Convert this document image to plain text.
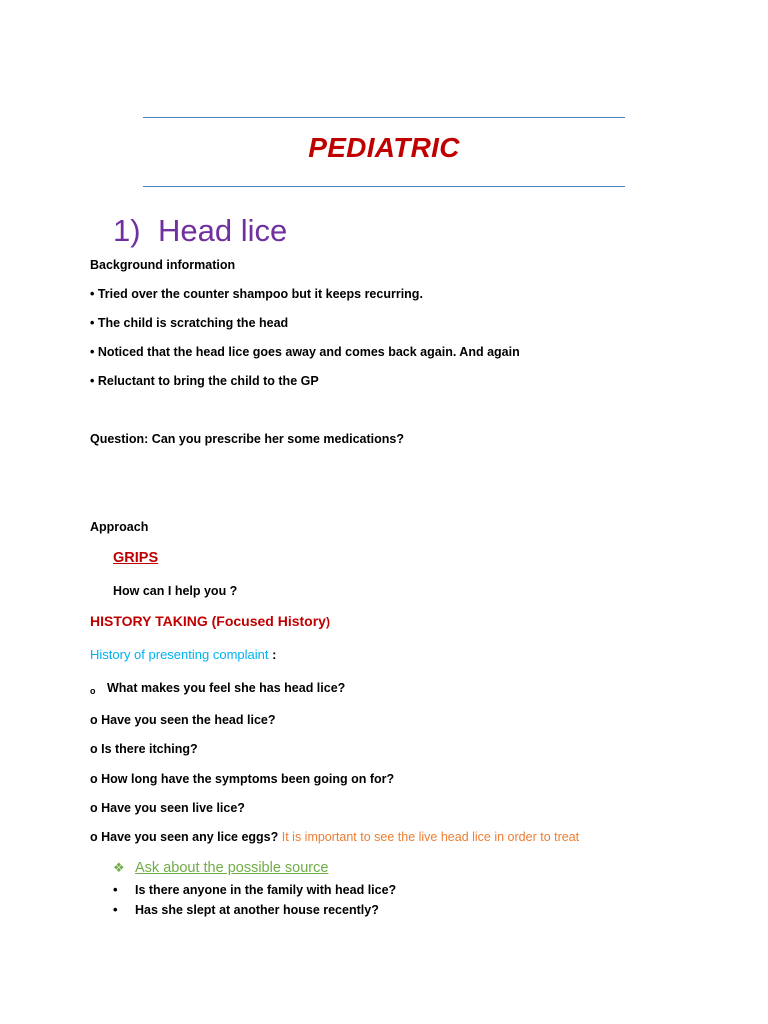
PEDIATRIC
1) Head lice
Background information
• Tried over the counter shampoo but it keeps recurring.
• The child is scratching the head
• Noticed that the head lice goes away and comes back again. And again
• Reluctant to bring the child to the GP
Question: Can you prescribe her some medications?
Approach
GRIPS
How can I help you ?
HISTORY TAKING (Focused History)
History of presenting complaint :
o What makes you feel she has head lice?
o Have you seen the head lice?
o Is there itching?
o How long have the symptoms been going on for?
o Have you seen live lice?
o Have you seen any lice eggs? It is important to see the live head lice in order to treat
❖ Ask about the possible source
• Is there anyone in the family with head lice?
• Has she slept at another house recently?
